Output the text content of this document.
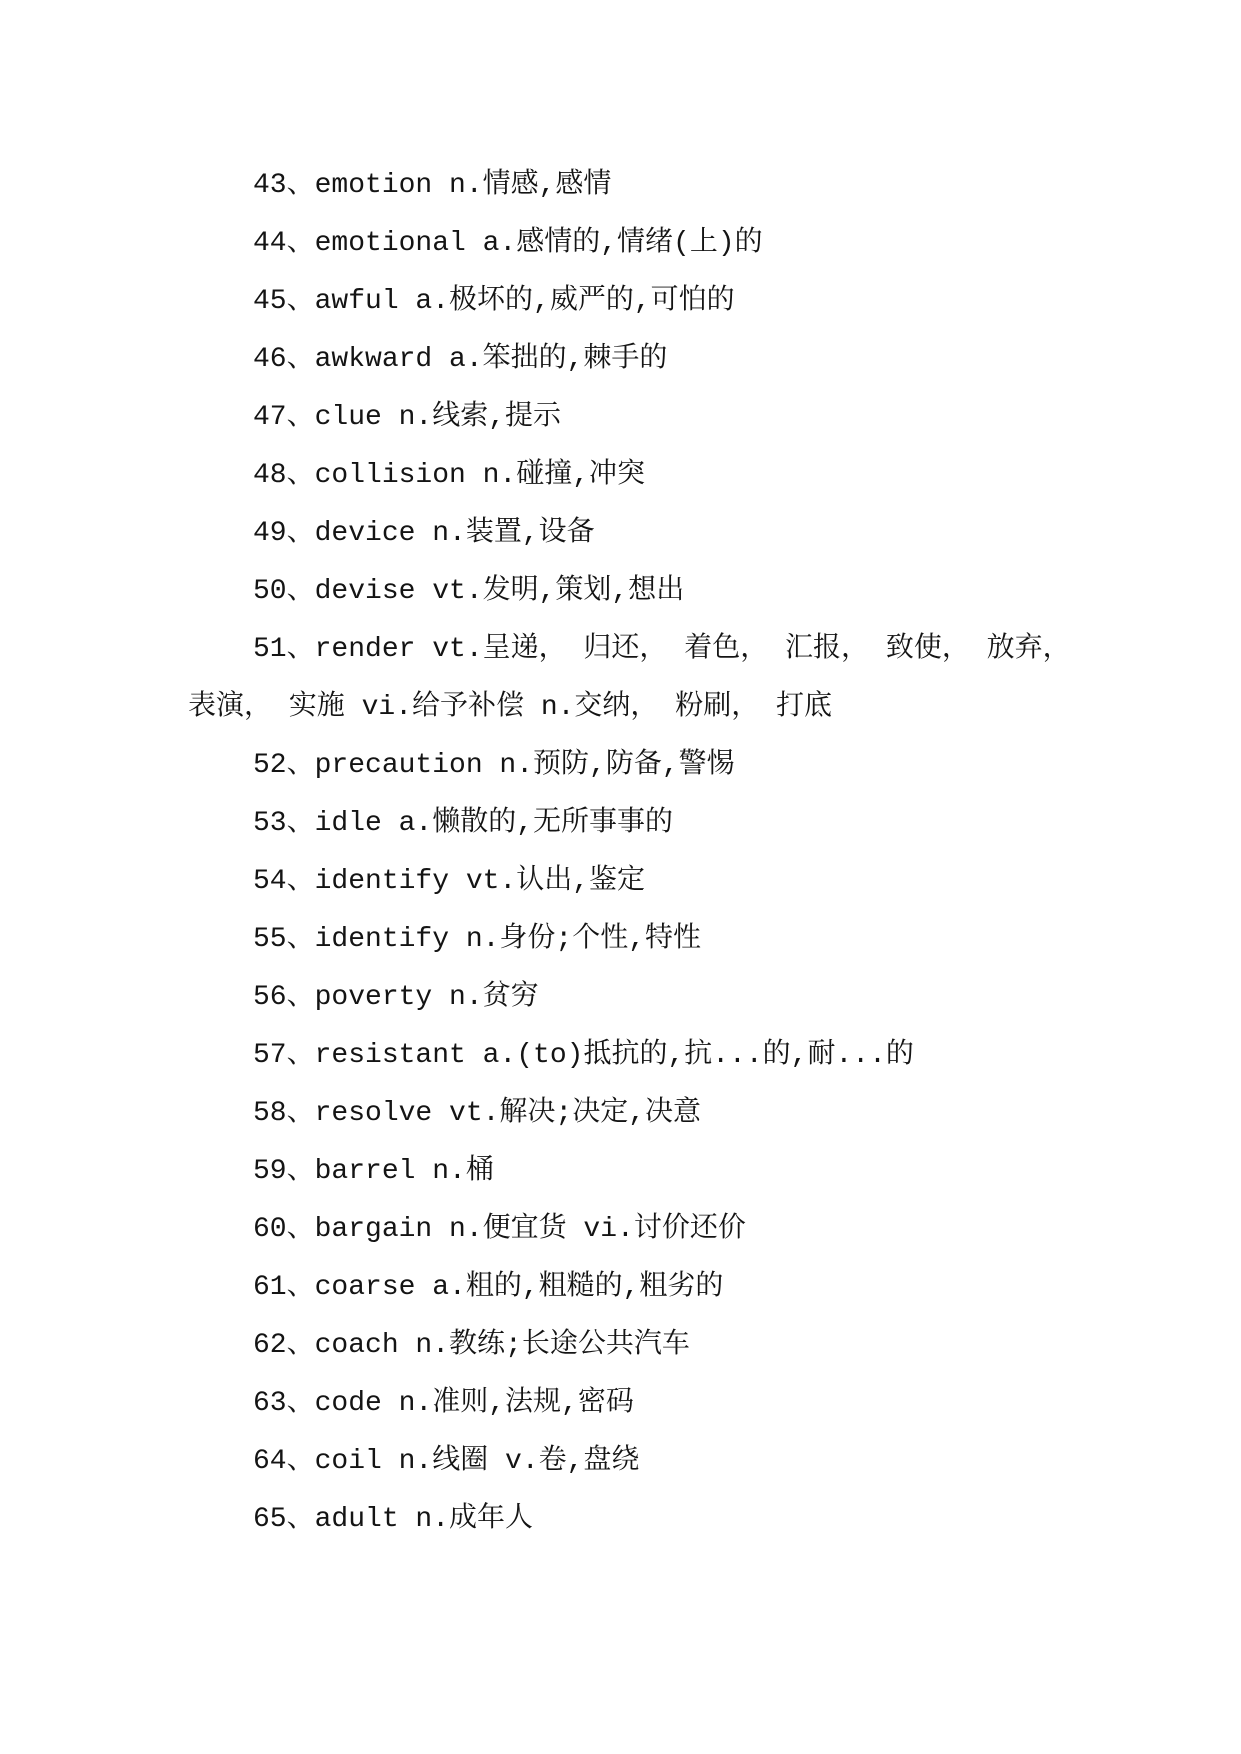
43、emotion n.情感,感情
44、emotional a.感情的,情绪(上)的
45、awful a.极坏的,威严的,可怕的
46、awkward a.笨拙的,棘手的
47、clue n.线索,提示
48、collision n.碰撞,冲突
49、device n.装置,设备
50、devise vt.发明,策划,想出
51、render vt.呈递， 归还， 着色， 汇报， 致使， 放弃，
表演， 实施 vi.给予补偿 n.交纳， 粉刷， 打底
52、precaution n.预防,防备,警惕
53、idle a.懒散的,无所事事的
54、identify vt.认出,鉴定
55、identify n.身份;个性,特性
56、poverty n.贫穷
57、resistant a.(to)抵抗的,抗...的,耐...的
58、resolve vt.解决;决定,决意
59、barrel n.桶
60、bargain n.便宜货 vi.讨价还价
61、coarse a.粗的,粗糙的,粗劣的
62、coach n.教练;长途公共汽车
63、code n.准则,法规,密码
64、coil n.线圈 v.卷,盘绕
65、adult n.成年人
